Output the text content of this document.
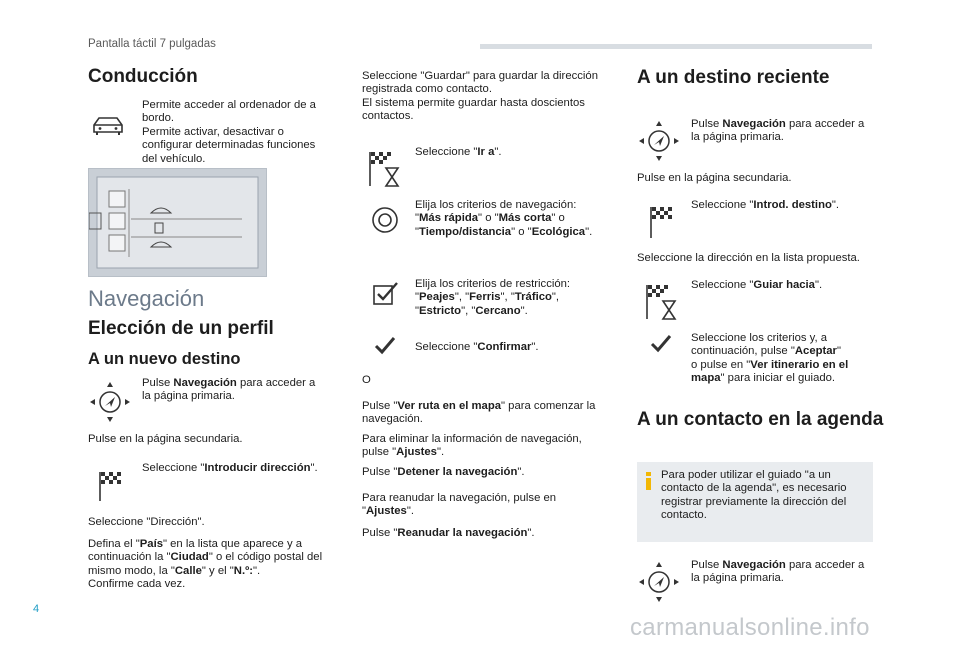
Pantalla táctil 7 pulgadas
Conducción

Permite acceder al ordenador de a

bordo.

Permite activar, desactivar o

configurar determinadas funciones

del vehículo.

Navegación
Elección de un perfil
A un nuevo destino

Pulse Navegación para acceder a

la página primaria.

Pulse en la página secundaria.

Seleccione "Introducir dirección".

Seleccione "Dirección".

Defina el "País" en la lista que aparece y a

continuación la "Ciudad" o el código postal del

mismo modo, la "Calle" y el "N.º:".

Confirme cada vez.

Seleccione "Guardar" para guardar la dirección

registrada como contacto.

El sistema permite guardar hasta doscientos

contactos.

Seleccione "Ir a".

Elija los criterios de navegación:

"Más rápida" o "Más corta" o

"Tiempo/distancia" o "Ecológica".

Elija los criterios de restricción:

"Peajes", "Ferris", "Tráfico",

"Estricto", "Cercano".

Seleccione "Confirmar".

O

Pulse "Ver ruta en el mapa" para comenzar la

navegación.

Para eliminar la información de navegación,

pulse "Ajustes".

Pulse "Detener la navegación".

Para reanudar la navegación, pulse en

"Ajustes".

Pulse "Reanudar la navegación".

A un destino reciente

Pulse Navegación para acceder a

la página primaria.

Pulse en la página secundaria.

Seleccione "Introd. destino".

Seleccione la dirección en la lista propuesta.

Seleccione "Guiar hacia".

Seleccione los criterios y, a

continuación, pulse "Aceptar"

o pulse en "Ver itinerario en el

mapa" para iniciar el guiado.

A un contacto en la agenda

Para poder utilizar el guiado "a un

contacto de la agenda", es necesario

registrar previamente la dirección del

contacto.

Pulse Navegación para acceder a

la página primaria.

4
carmanualsonline.info
